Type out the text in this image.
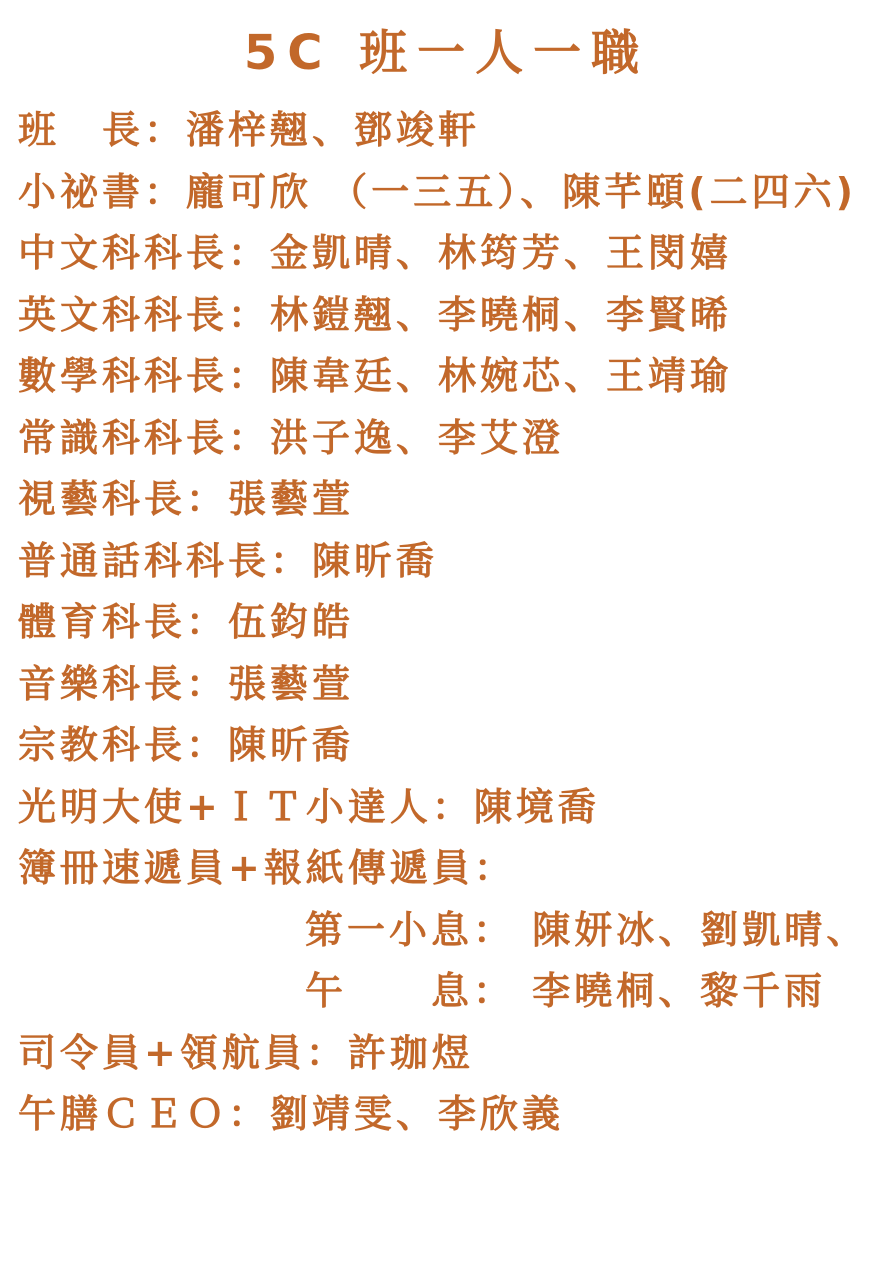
5C 班一人一職
班　長：潘梓翹、鄧竣軒
小祕書：龐可欣 （一三五）、陳芊頤(二四六)
中文科科長：金凱晴、林筠芳、王閔嬉
英文科科長：林鎧翹、李曉桐、李賢晞
數學科科長：陳韋廷、林婉芯、王靖瑜
常識科科長：洪子逸、李艾澄
視藝科長：張藝萱
普通話科科長：陳昕喬
體育科長：伍鈞皓
音樂科長：張藝萱
宗教科長：陳昕喬
光明大使+ＩＴ小達人：陳境喬
簿冊速遞員+報紙傳遞員：
第一小息： 陳妍冰、劉凱晴、
午　　息： 李曉桐、黎千雨
司令員+領航員：許珈煜
午膳ＣＥＯ：劉靖雯、李欣義
